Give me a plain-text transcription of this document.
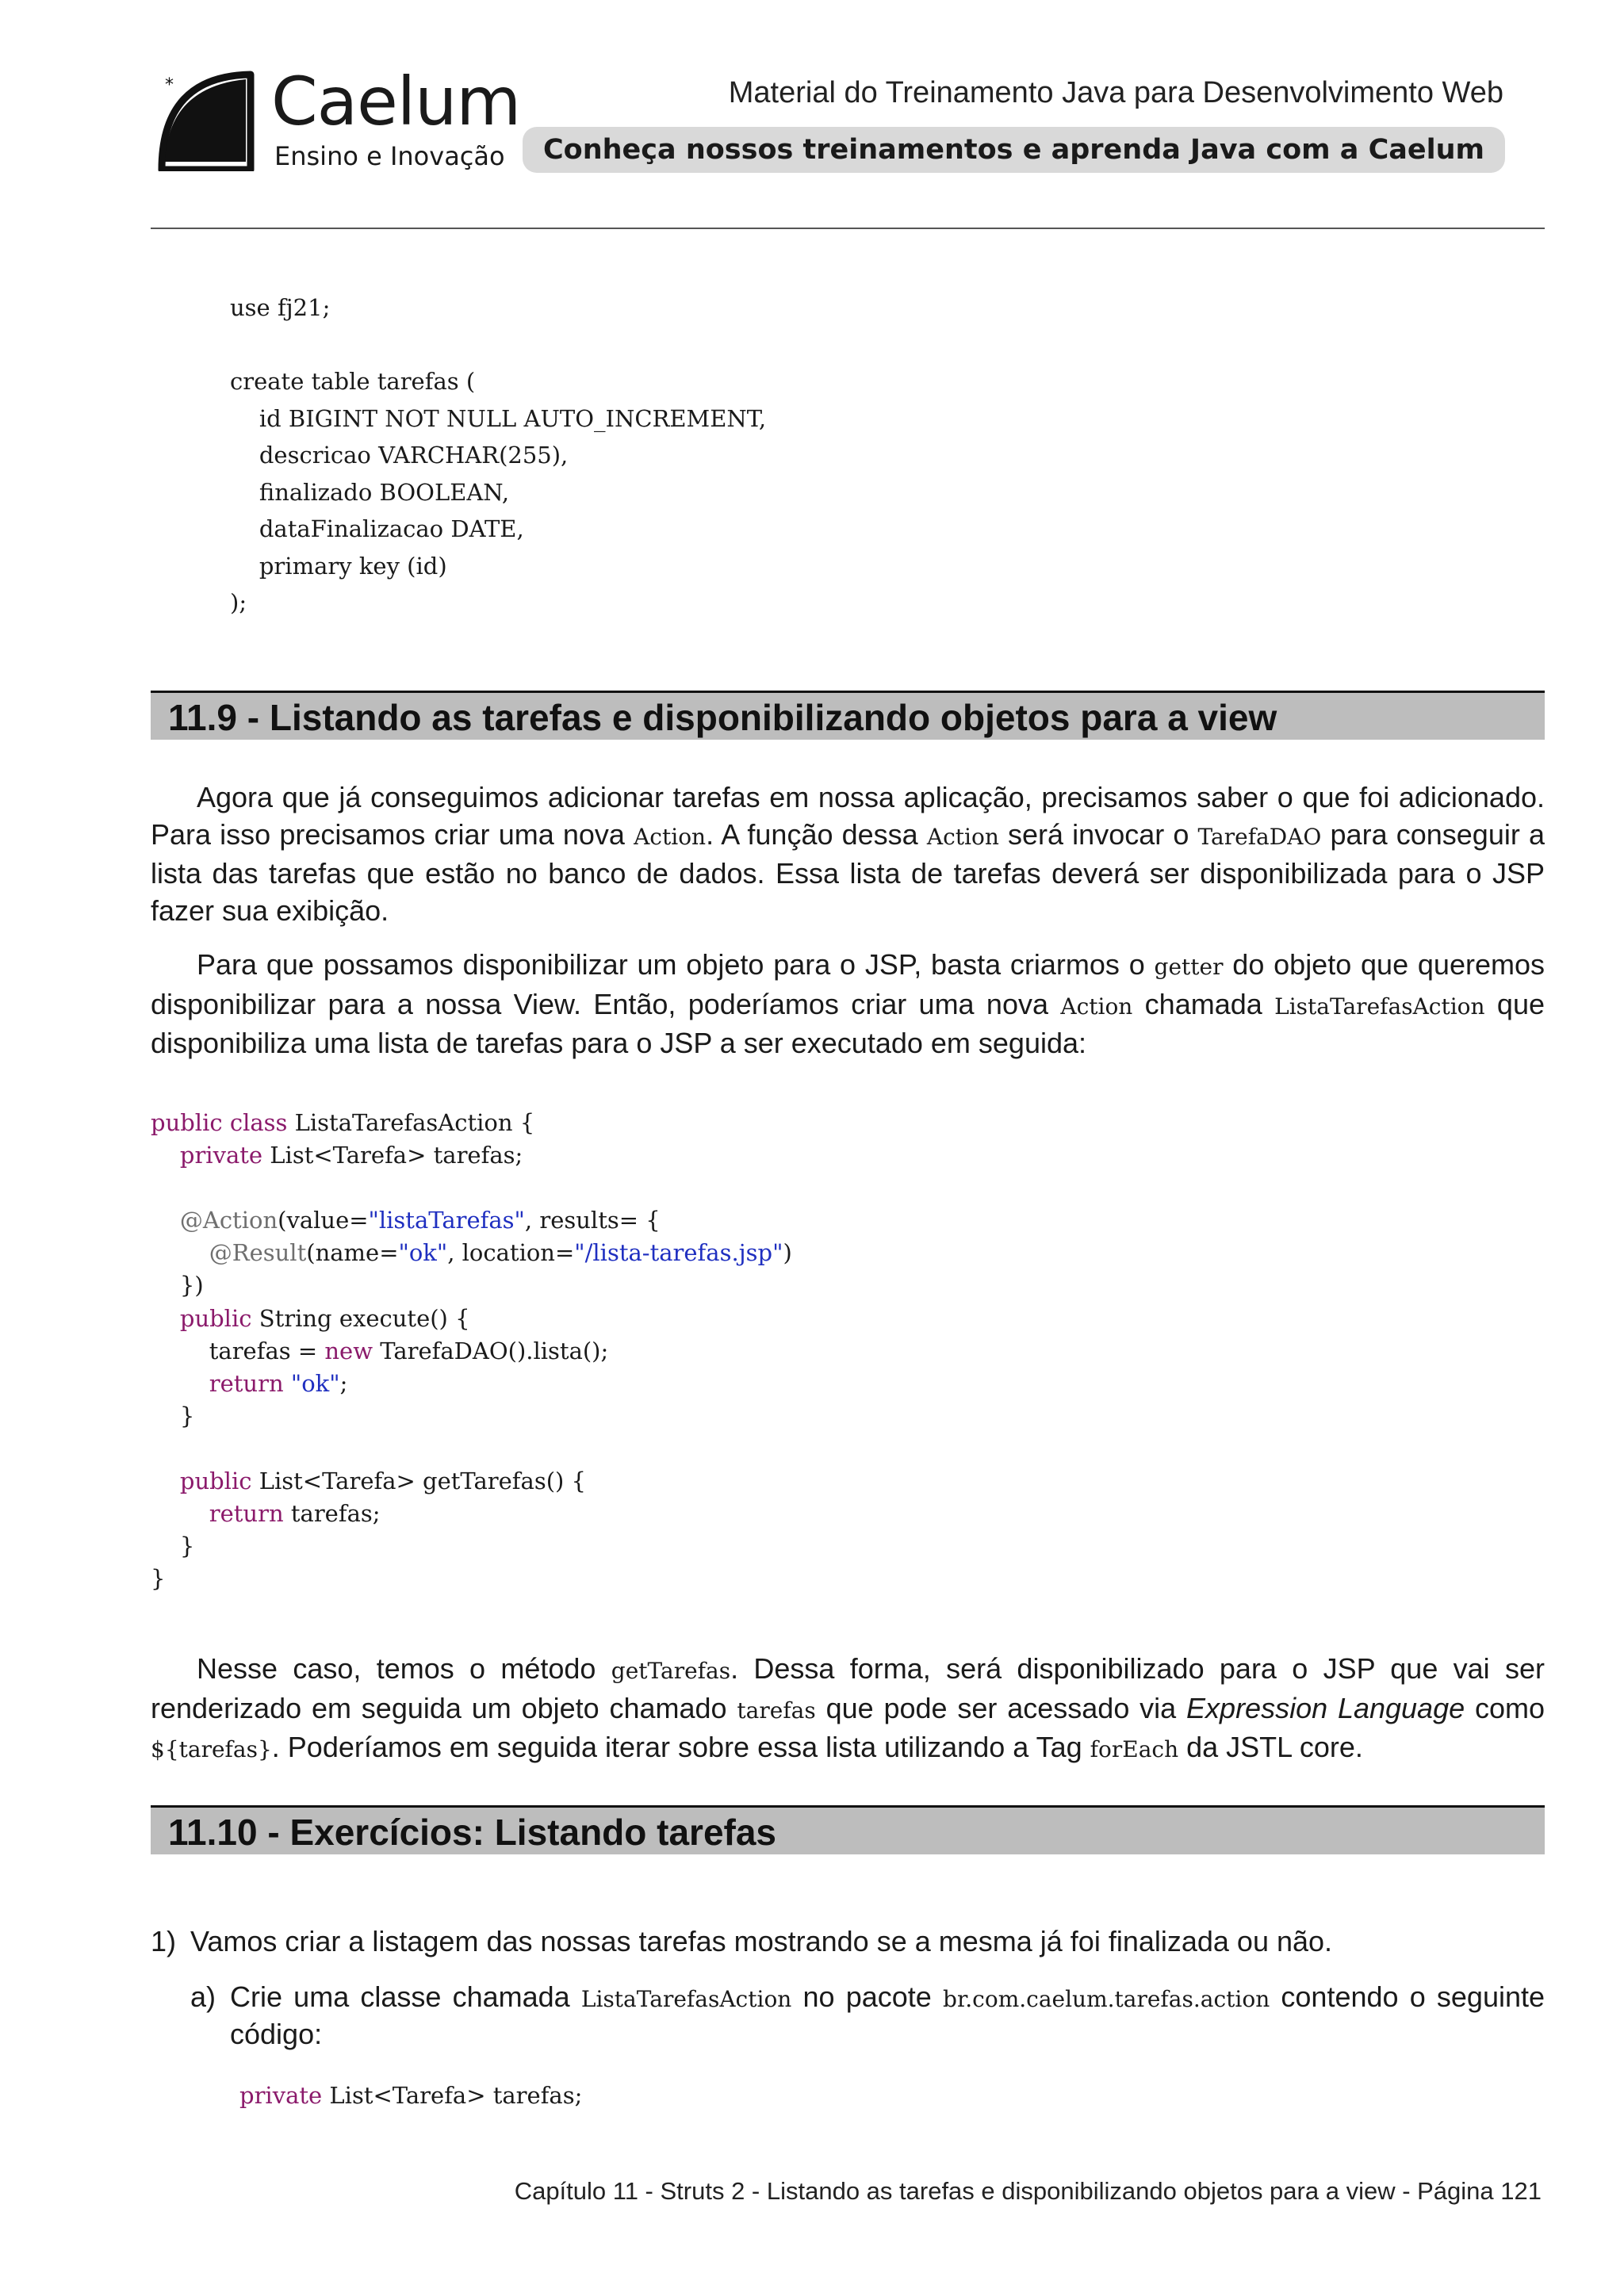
* Caelum
Ensino e Inovação
Material do Treinamento Java para Desenvolvimento Web
Conheça nossos treinamentos e aprenda Java com a Caelum
use fj21;

create table tarefas (
id BIGINT NOT NULL AUTO_INCREMENT,
descricao VARCHAR(255),
finalizado BOOLEAN,
dataFinalizacao DATE,
primary key (id)
);
11.9 - Listando as tarefas e disponibilizando objetos para a view

Agora que já conseguimos adicionar tarefas em nossa aplicação, precisamos saber o que foi adicionado. Para isso precisamos criar uma nova Action. A função dessa Action será invocar o TarefaDAO para conseguir a lista das tarefas que estão no banco de dados. Essa lista de tarefas deverá ser disponibilizada para o JSP fazer sua exibição.

Para que possamos disponibilizar um objeto para o JSP, basta criarmos o getter do objeto que queremos disponibilizar para a nossa View. Então, poderíamos criar uma nova Action chamada ListaTarefasAction que disponibiliza uma lista de tarefas para o JSP a ser executado em seguida:

public class ListaTarefasAction {
private List<Tarefa> tarefas;

@Action(value="listaTarefas", results= {
@Result(name="ok", location="/lista-tarefas.jsp")
})
public String execute() {
tarefas = new TarefaDAO().lista();
return "ok";
}

public List<Tarefa> getTarefas() {
return tarefas;
}
}

Nesse caso, temos o método getTarefas. Dessa forma, será disponibilizado para o JSP que vai ser renderizado em seguida um objeto chamado tarefas que pode ser acessado via Expression Language como ${tarefas}. Poderíamos em seguida iterar sobre essa lista utilizando a Tag forEach da JSTL core.

11.10 - Exercícios: Listando tarefas
1) Vamos criar a listagem das nossas tarefas mostrando se a mesma já foi finalizada ou não.
a) Crie uma classe chamada ListaTarefasAction no pacote br.com.caelum.tarefas.action contendo o seguinte código:
private List<Tarefa> tarefas;
Capítulo 11 - Struts 2 - Listando as tarefas e disponibilizando objetos para a view - Página 121
